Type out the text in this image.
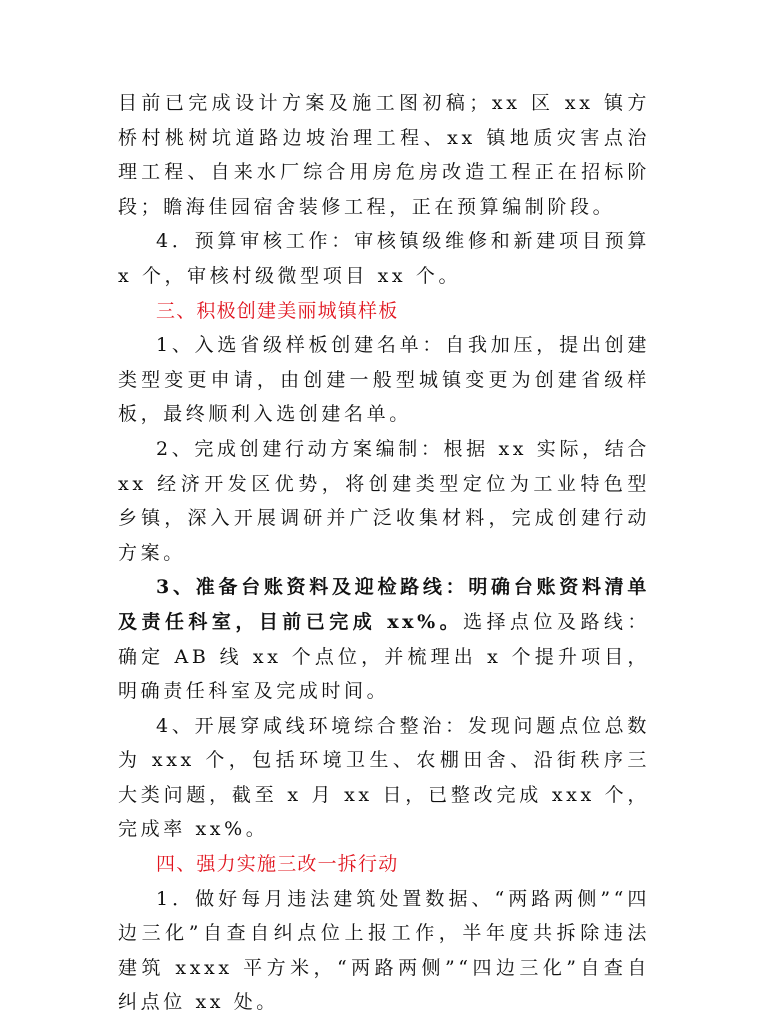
目前已完成设计方案及施工图初稿；xx 区 xx 镇方桥村桃树坑道路边坡治理工程、xx 镇地质灾害点治理工程、自来水厂综合用房危房改造工程正在招标阶段；瞻海佳园宿舍装修工程，正在预算编制阶段。

4．预算审核工作：审核镇级维修和新建项目预算 x 个，审核村级微型项目 xx 个。

三、积极创建美丽城镇样板

1、入选省级样板创建名单：自我加压，提出创建类型变更申请，由创建一般型城镇变更为创建省级样板，最终顺利入选创建名单。

2、完成创建行动方案编制：根据 xx 实际，结合 xx 经济开发区优势，将创建类型定位为工业特色型乡镇，深入开展调研并广泛收集材料，完成创建行动方案。

3、准备台账资料及迎检路线：明确台账资料清单及责任科室，目前已完成 xx%。选择点位及路线：确定 AB 线 xx 个点位，并梳理出 x 个提升项目，明确责任科室及完成时间。

4、开展穿咸线环境综合整治：发现问题点位总数为 xxx 个，包括环境卫生、农棚田舍、沿街秩序三大类问题，截至 x 月 xx 日，已整改完成 xxx 个，完成率 xx%。

四、强力实施三改一拆行动

1．做好每月违法建筑处置数据、“两路两侧”“四边三化”自查自纠点位上报工作，半年度共拆除违法建筑 xxxx 平方米，“两路两侧”“四边三化”自查自纠点位 xx 处。
